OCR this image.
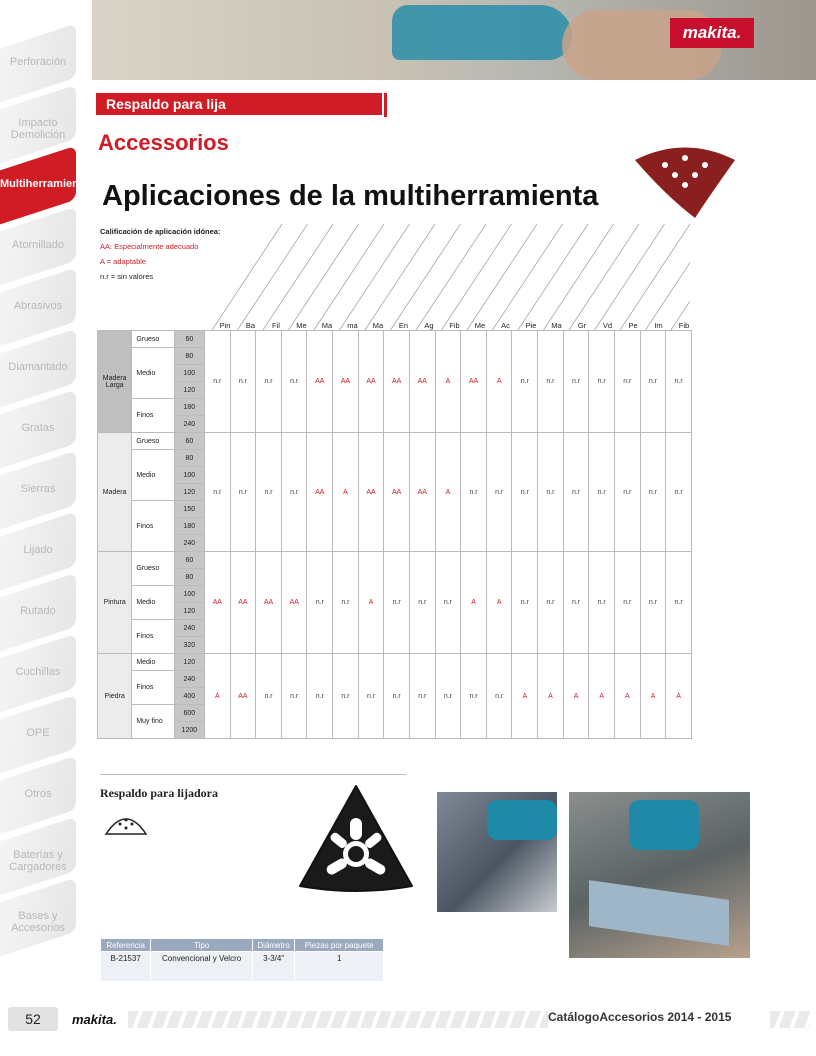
makita.
Perforación
Impacto Demolición
Multiherramienta
Atornillado
Abrasivos
Diamantado
Gratas
Sierras
Lijado
Rutado
Cuchillas
OPE
Otros
Baterías y Cargadores
Bases y Accesorios
Respaldo para lija
Accessorios
Aplicaciones de la multiherramienta
Calificación de aplicación idónea:
AA: Especialmente adecuado
A = adaptable
n.r = sin valores
Pin	Ba	Fil	Me	Ma	ma	Ma	En	Ag	Fib	Me	Ac	Pie	Ma	Gr	Vd	Pe	Im	Fib
Madera Larga	Grueso	60	n.r	n.r	n.r	n.r	AA	AA	AA	AA	AA	A	AA	A	n.r	n.r	n.r	n.r	n.r	n.r	n.r
	Medio	80																			
		100																			
		120																			
	Finos	180																			
		240																			
Madera	Grueso	60	n.r	n.r	n.r	n.r	AA	A	AA	AA	AA	A	n.r	n.r	n.r	n.r	n.r	n.r	n.r	n.r	n.r
	Medio	80																			
		100																			
		120																			
	Finos	150																			
		180																			
		240																			
Pintura	Grueso	60	AA	AA	AA	AA	n.r	n.r	A	n.r	n.r	n.r	A	A	n.r	n.r	n.r	n.r	n.r	n.r	n.r
		80																			
	Medio	100																			
		120																			
	Finos	240																			
		320																			
Piedra	Medio	120	A	AA	n.r	n.r	n.r	n.r	n.r	n.r	n.r	n.r	n.r	n.r	A	A	A	A	A	A	A
	Finos	240																			
		400																			
	Muy fino	600																			
		1200																			
Respaldo para lijadora
Referencia	Tipo	Diámetro	Piezas por paquete
B-21537	Convencional y Velcro	3-3/4"	1
52	makita.	CatálogoAccesorios 2014 - 2015
